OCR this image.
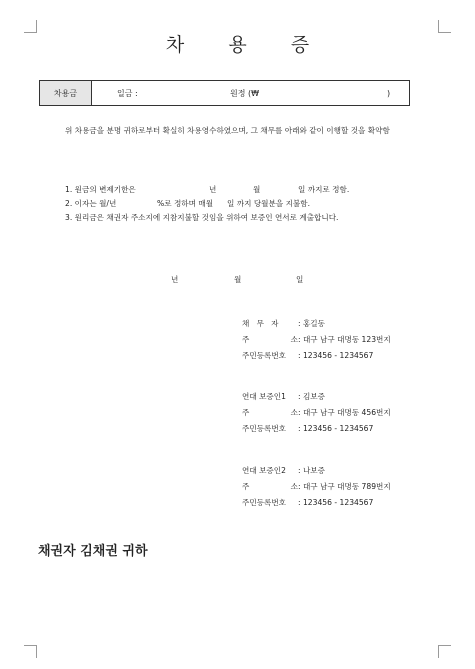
차 용 증
차용금	일금 :	원정 (₩	)
위 차용금을 분명 귀하로부터 확실히 차용영수하였으며, 그 채무를 아래와 같이 이행할 것을 확약함
1. 원금의 변제기한은	년	월	일 까지로 정함.
2. 이자는 월/년	%로 정하며 매월 일 까지 당월분을 지불함.
3. 원리금은 채권자 주소지에 지참지불할 것임을 위하여 보증인 연서로 계출합니다.
년	월	일
채   무   자	: 홍길동
주	소 : 대구 남구 대명동 123번지
주민등록번호 : 123456 - 1234567
연대 보증인1 : 김보증
주	소 : 대구 남구 대명동 456번지
주민등록번호 : 123456 - 1234567
연대 보증인2 : 나보증
주	소 : 대구 남구 대명동 789번지
주민등록번호 : 123456 - 1234567
채권자 김채권 귀하
